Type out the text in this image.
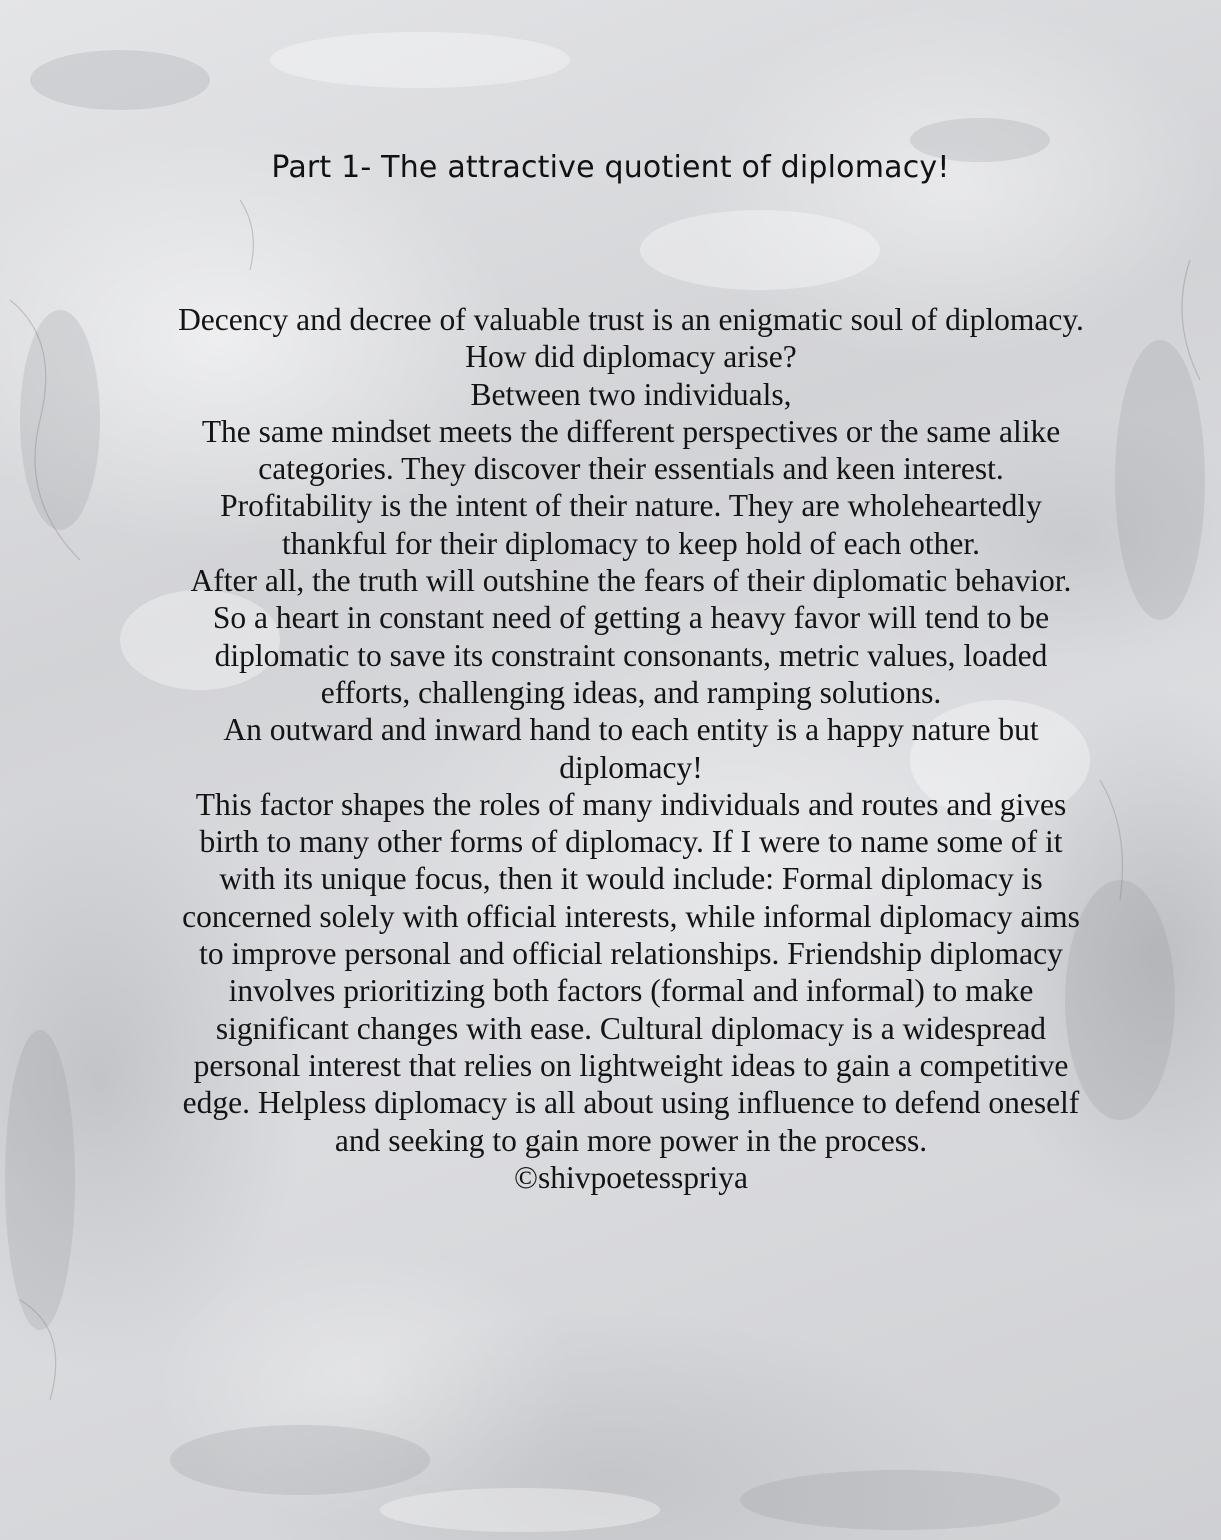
Part 1- The attractive quotient of diplomacy!

Decency and decree of valuable trust is an enigmatic soul of diplomacy.

How did diplomacy arise?

Between two individuals,

The same mindset meets the different perspectives or the same alike categories. They discover their essentials and keen interest.

Profitability is the intent of their nature. They are wholeheartedly thankful for their diplomacy to keep hold of each other.

After all, the truth will outshine the fears of their diplomatic behavior.

So a heart in constant need of getting a heavy favor will tend to be diplomatic to save its constraint consonants, metric values, loaded efforts, challenging ideas, and ramping solutions.

An outward and inward hand to each entity is a happy nature but diplomacy!

This factor shapes the roles of many individuals and routes and gives birth to many other forms of diplomacy. If I were to name some of it with its unique focus, then it would include: Formal diplomacy is concerned solely with official interests, while informal diplomacy aims to improve personal and official relationships. Friendship diplomacy involves prioritizing both factors (formal and informal) to make significant changes with ease. Cultural diplomacy is a widespread personal interest that relies on lightweight ideas to gain a competitive edge. Helpless diplomacy is all about using influence to defend oneself and seeking to gain more power in the process.

©shivpoetesspriya
